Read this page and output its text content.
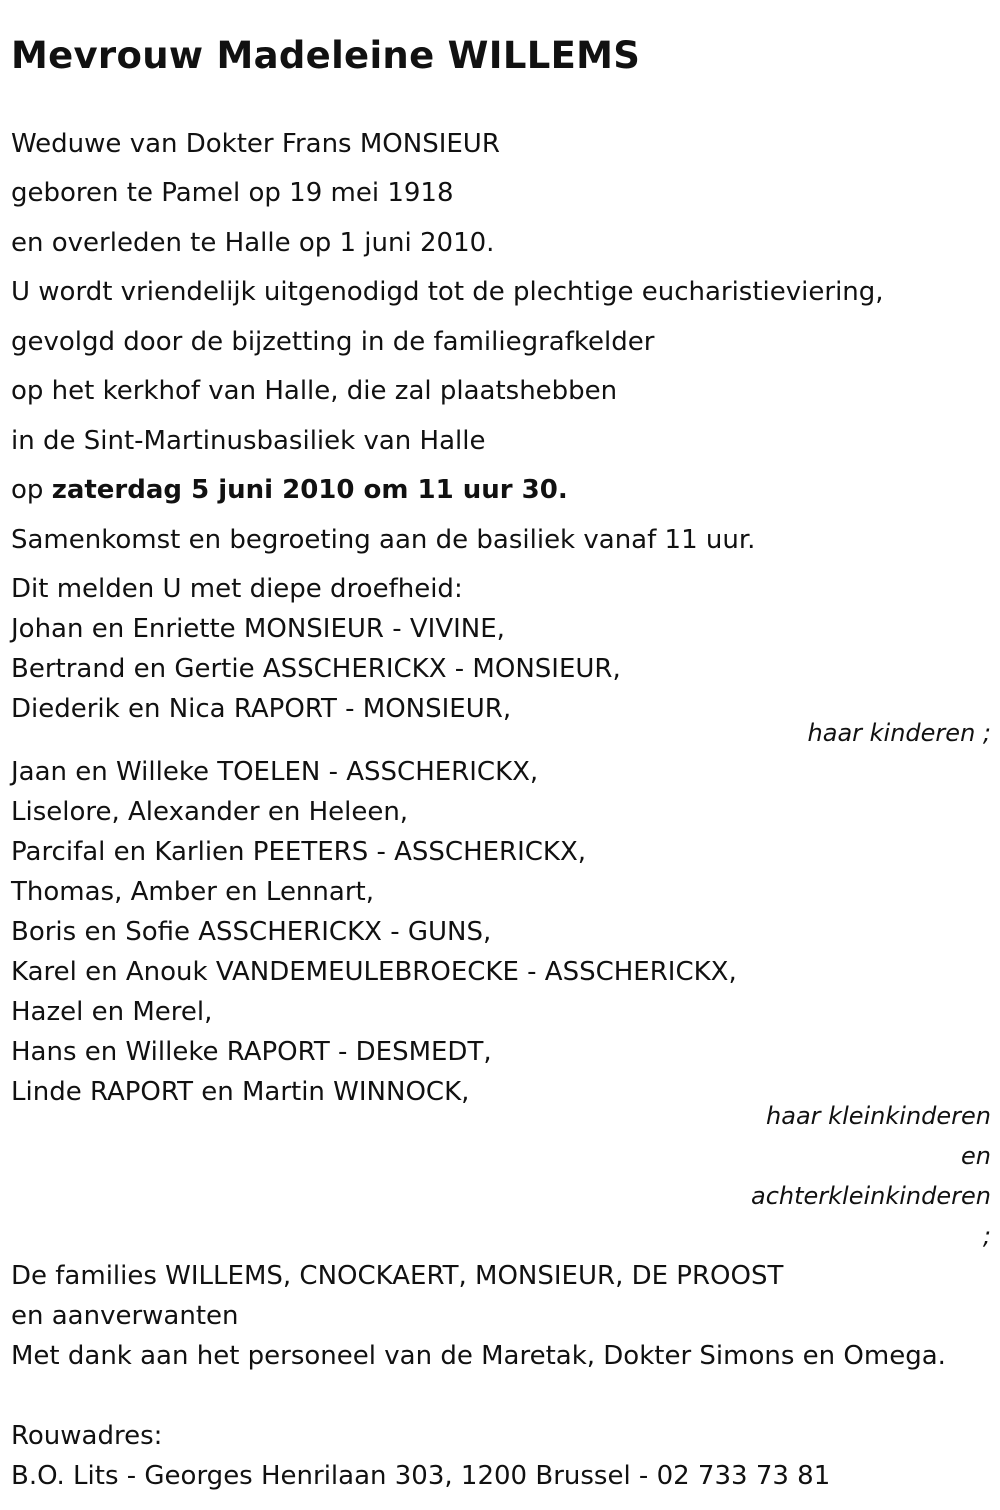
Mevrouw Madeleine WILLEMS
Weduwe van Dokter Frans MONSIEUR
geboren te Pamel op 19 mei 1918
en overleden te Halle op 1 juni 2010.
U wordt vriendelijk uitgenodigd tot de plechtige eucharistieviering,
gevolgd door de bijzetting in de familiegrafkelder
op het kerkhof van Halle, die zal plaatshebben
in de Sint-Martinusbasiliek van Halle
op zaterdag 5 juni 2010 om 11 uur 30.
Samenkomst en begroeting aan de basiliek vanaf 11 uur.
Dit melden U met diepe droefheid:
Johan en Enriette MONSIEUR - VIVINE,
Bertrand en Gertie ASSCHERICKX - MONSIEUR,
Diederik en Nica RAPORT - MONSIEUR,
haar kinderen ;
Jaan en Willeke TOELEN - ASSCHERICKX,
Liselore, Alexander en Heleen,
Parcifal en Karlien PEETERS - ASSCHERICKX,
Thomas, Amber en Lennart,
Boris en Sofie ASSCHERICKX - GUNS,
Karel en Anouk VANDEMEULEBROECKE - ASSCHERICKX,
Hazel en Merel,
Hans en Willeke RAPORT - DESMEDT,
Linde RAPORT en Martin WINNOCK,
haar kleinkinderen
en
achterkleinkinderen
;
De families WILLEMS, CNOCKAERT, MONSIEUR, DE PROOST
en aanverwanten
Met dank aan het personeel van de Maretak, Dokter Simons en Omega.
Rouwadres:
B.O. Lits - Georges Henrilaan 303, 1200 Brussel - 02 733 73 81
